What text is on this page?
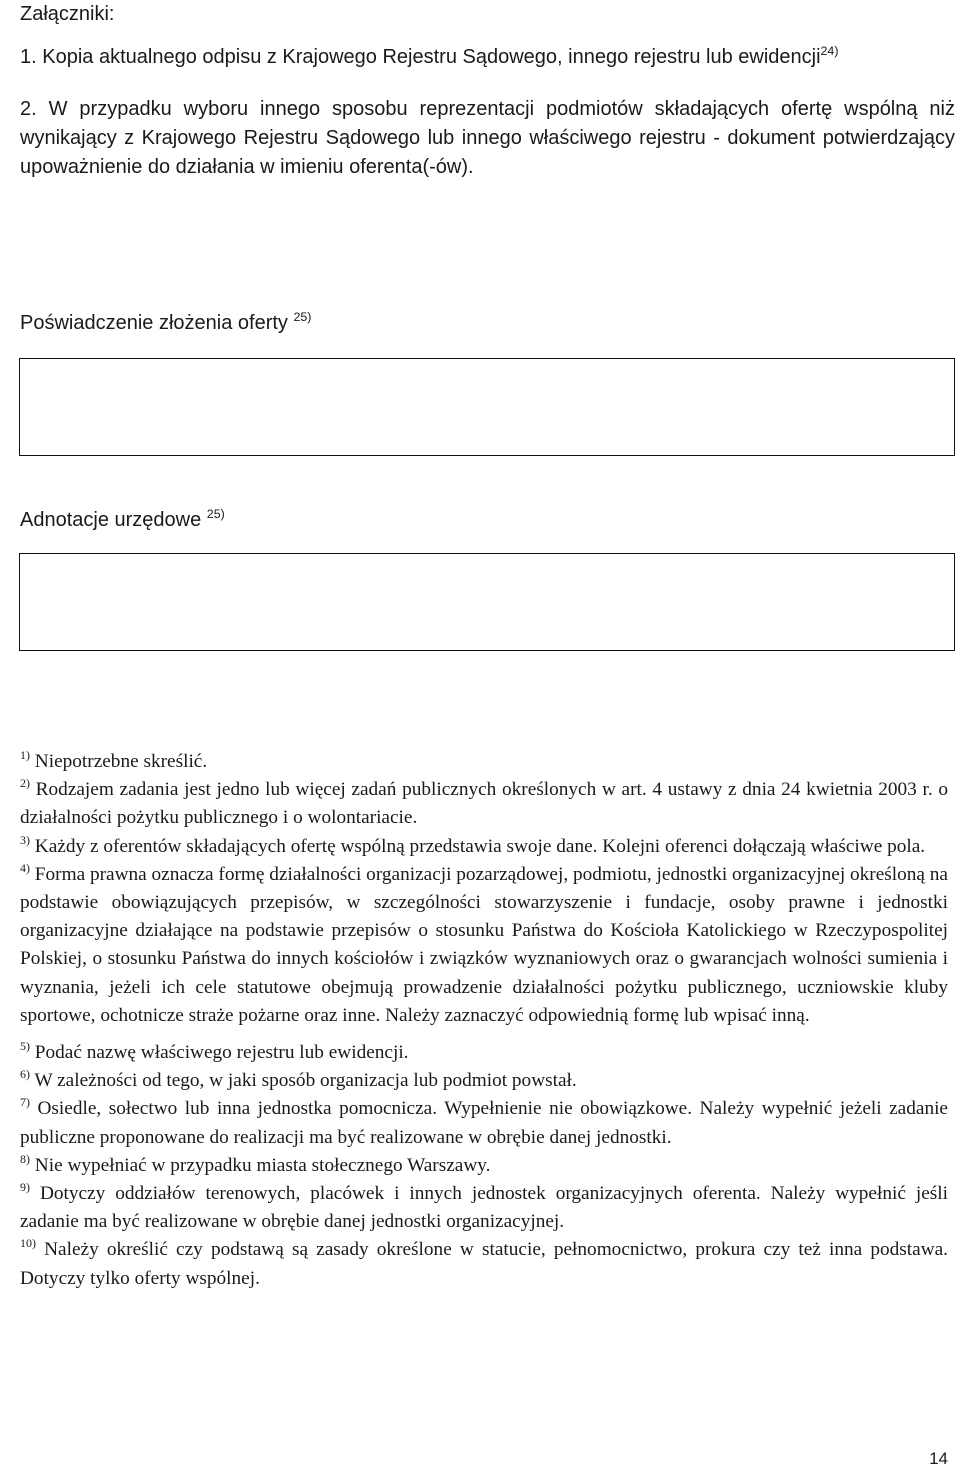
Załączniki:

1. Kopia aktualnego odpisu z Krajowego Rejestru Sądowego, innego rejestru lub ewidencji$^{24)}$

2. W przypadku wyboru innego sposobu reprezentacji podmiotów składających ofertę wspólną niż wynikający z Krajowego Rejestru Sądowego lub innego właściwego rejestru - dokument potwierdzający upoważnienie do działania w imieniu oferenta(-ów).

Poświadczenie złożenia oferty $^{25)}$
Adnotacje urzędowe $^{25)}$

$^{1)}$ Niepotrzebne skreślić.

$^{2)}$ Rodzajem zadania jest jedno lub więcej zadań publicznych określonych w art. 4 ustawy z dnia 24 kwietnia 2003 r. o działalności pożytku publicznego i o wolontariacie.

$^{3)}$ Każdy z oferentów składających ofertę wspólną przedstawia swoje dane. Kolejni oferenci dołączają właściwe pola.

$^{4)}$ Forma prawna oznacza formę działalności organizacji pozarządowej, podmiotu, jednostki organizacyjnej określoną na podstawie obowiązujących przepisów, w szczególności stowarzyszenie i fundacje, osoby prawne i jednostki organizacyjne działające na podstawie przepisów o stosunku Państwa do Kościoła Katolickiego w Rzeczypospolitej Polskiej, o stosunku Państwa do innych kościołów i związków wyznaniowych oraz o gwarancjach wolności sumienia i wyznania, jeżeli ich cele statutowe obejmują prowadzenie działalności pożytku publicznego, uczniowskie kluby sportowe, ochotnicze straże pożarne oraz inne. Należy zaznaczyć odpowiednią formę lub wpisać inną.

$^{5)}$ Podać nazwę właściwego rejestru lub ewidencji.

$^{6)}$ W zależności od tego, w jaki sposób organizacja lub podmiot powstał.

$^{7)}$ Osiedle, sołectwo lub inna jednostka pomocnicza. Wypełnienie nie obowiązkowe. Należy wypełnić jeżeli zadanie publiczne proponowane do realizacji ma być realizowane w obrębie danej jednostki.

$^{8)}$ Nie wypełniać w przypadku miasta stołecznego Warszawy.

$^{9)}$ Dotyczy oddziałów terenowych, placówek i innych jednostek organizacyjnych oferenta. Należy wypełnić jeśli zadanie ma być realizowane w obrębie danej jednostki organizacyjnej.

$^{10)}$ Należy określić czy podstawą są zasady określone w statucie, pełnomocnictwo, prokura czy też inna podstawa. Dotyczy tylko oferty wspólnej.

14
